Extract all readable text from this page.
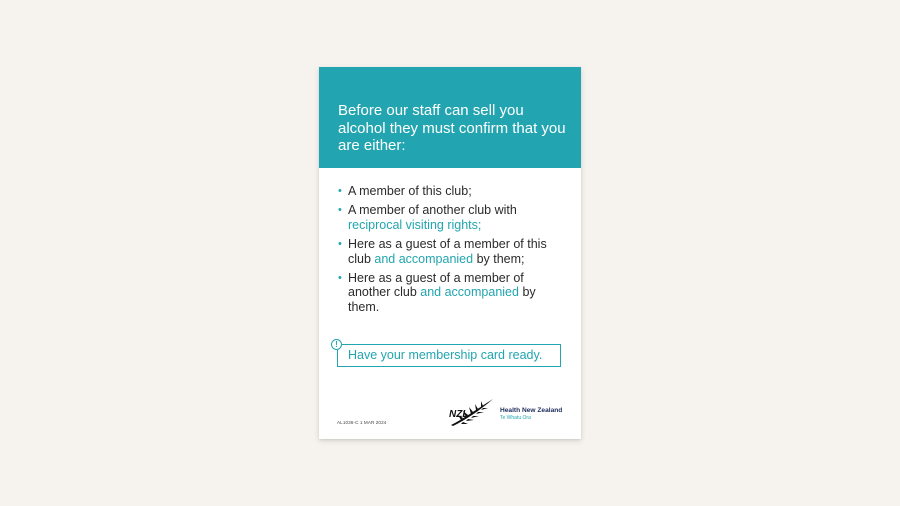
Before our staff can sell you alcohol they must confirm that you are either:

• A member of this club;
• A member of another club with reciprocal visiting rights;
• Here as a guest of a member of this club and accompanied by them;
• Here as a guest of a member of another club and accompanied by them.
Have your membership card ready.
!
AL1036-C 1 MAR 2024
NZL	Health New Zealand
Te Whatu Ora
